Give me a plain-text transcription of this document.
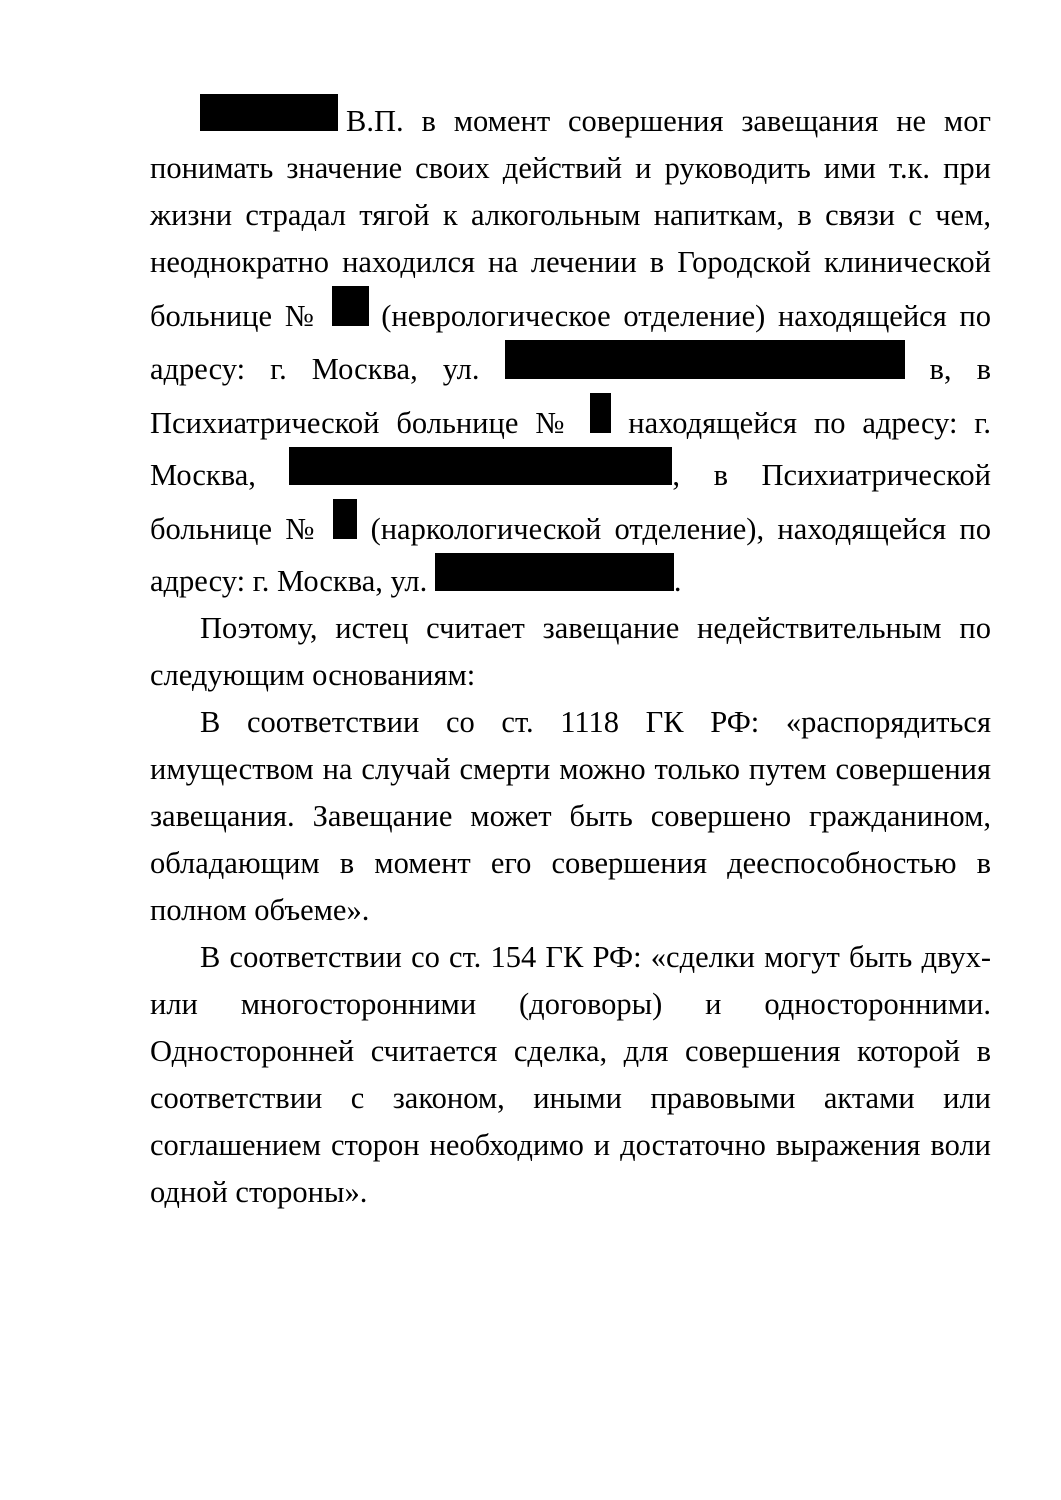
В.П. в момент совершения завещания не мог понимать значение своих действий и руководить ими т.к. при жизни страдал тягой к алкогольным напиткам, в связи с чем, неоднократно находился на лечении в Городской клинической больнице №  (неврологическое отделение) находящейся по адресу: г. Москва, ул.	в, в Психиатрической больнице №  находящейся по адресу: г. Москва,	, в Психиатрической больнице №  (наркологической отделение), находящейся по адресу: г. Москва, ул.	.

Поэтому, истец считает завещание недействительным по следующим основаниям:

В соответствии со ст. 1118 ГК РФ: «распорядиться имуществом на случай смерти можно только путем совершения завещания. Завещание может быть совершено гражданином, обладающим в момент его совершения дееспособностью в полном объеме».

В соответствии со ст. 154 ГК РФ: «сделки могут быть двух- или многосторонними (договоры) и односторонними. Односторонней считается сделка, для совершения которой в соответствии с законом, иными правовыми актами или соглашением сторон необходимо и достаточно выражения воли одной стороны».
